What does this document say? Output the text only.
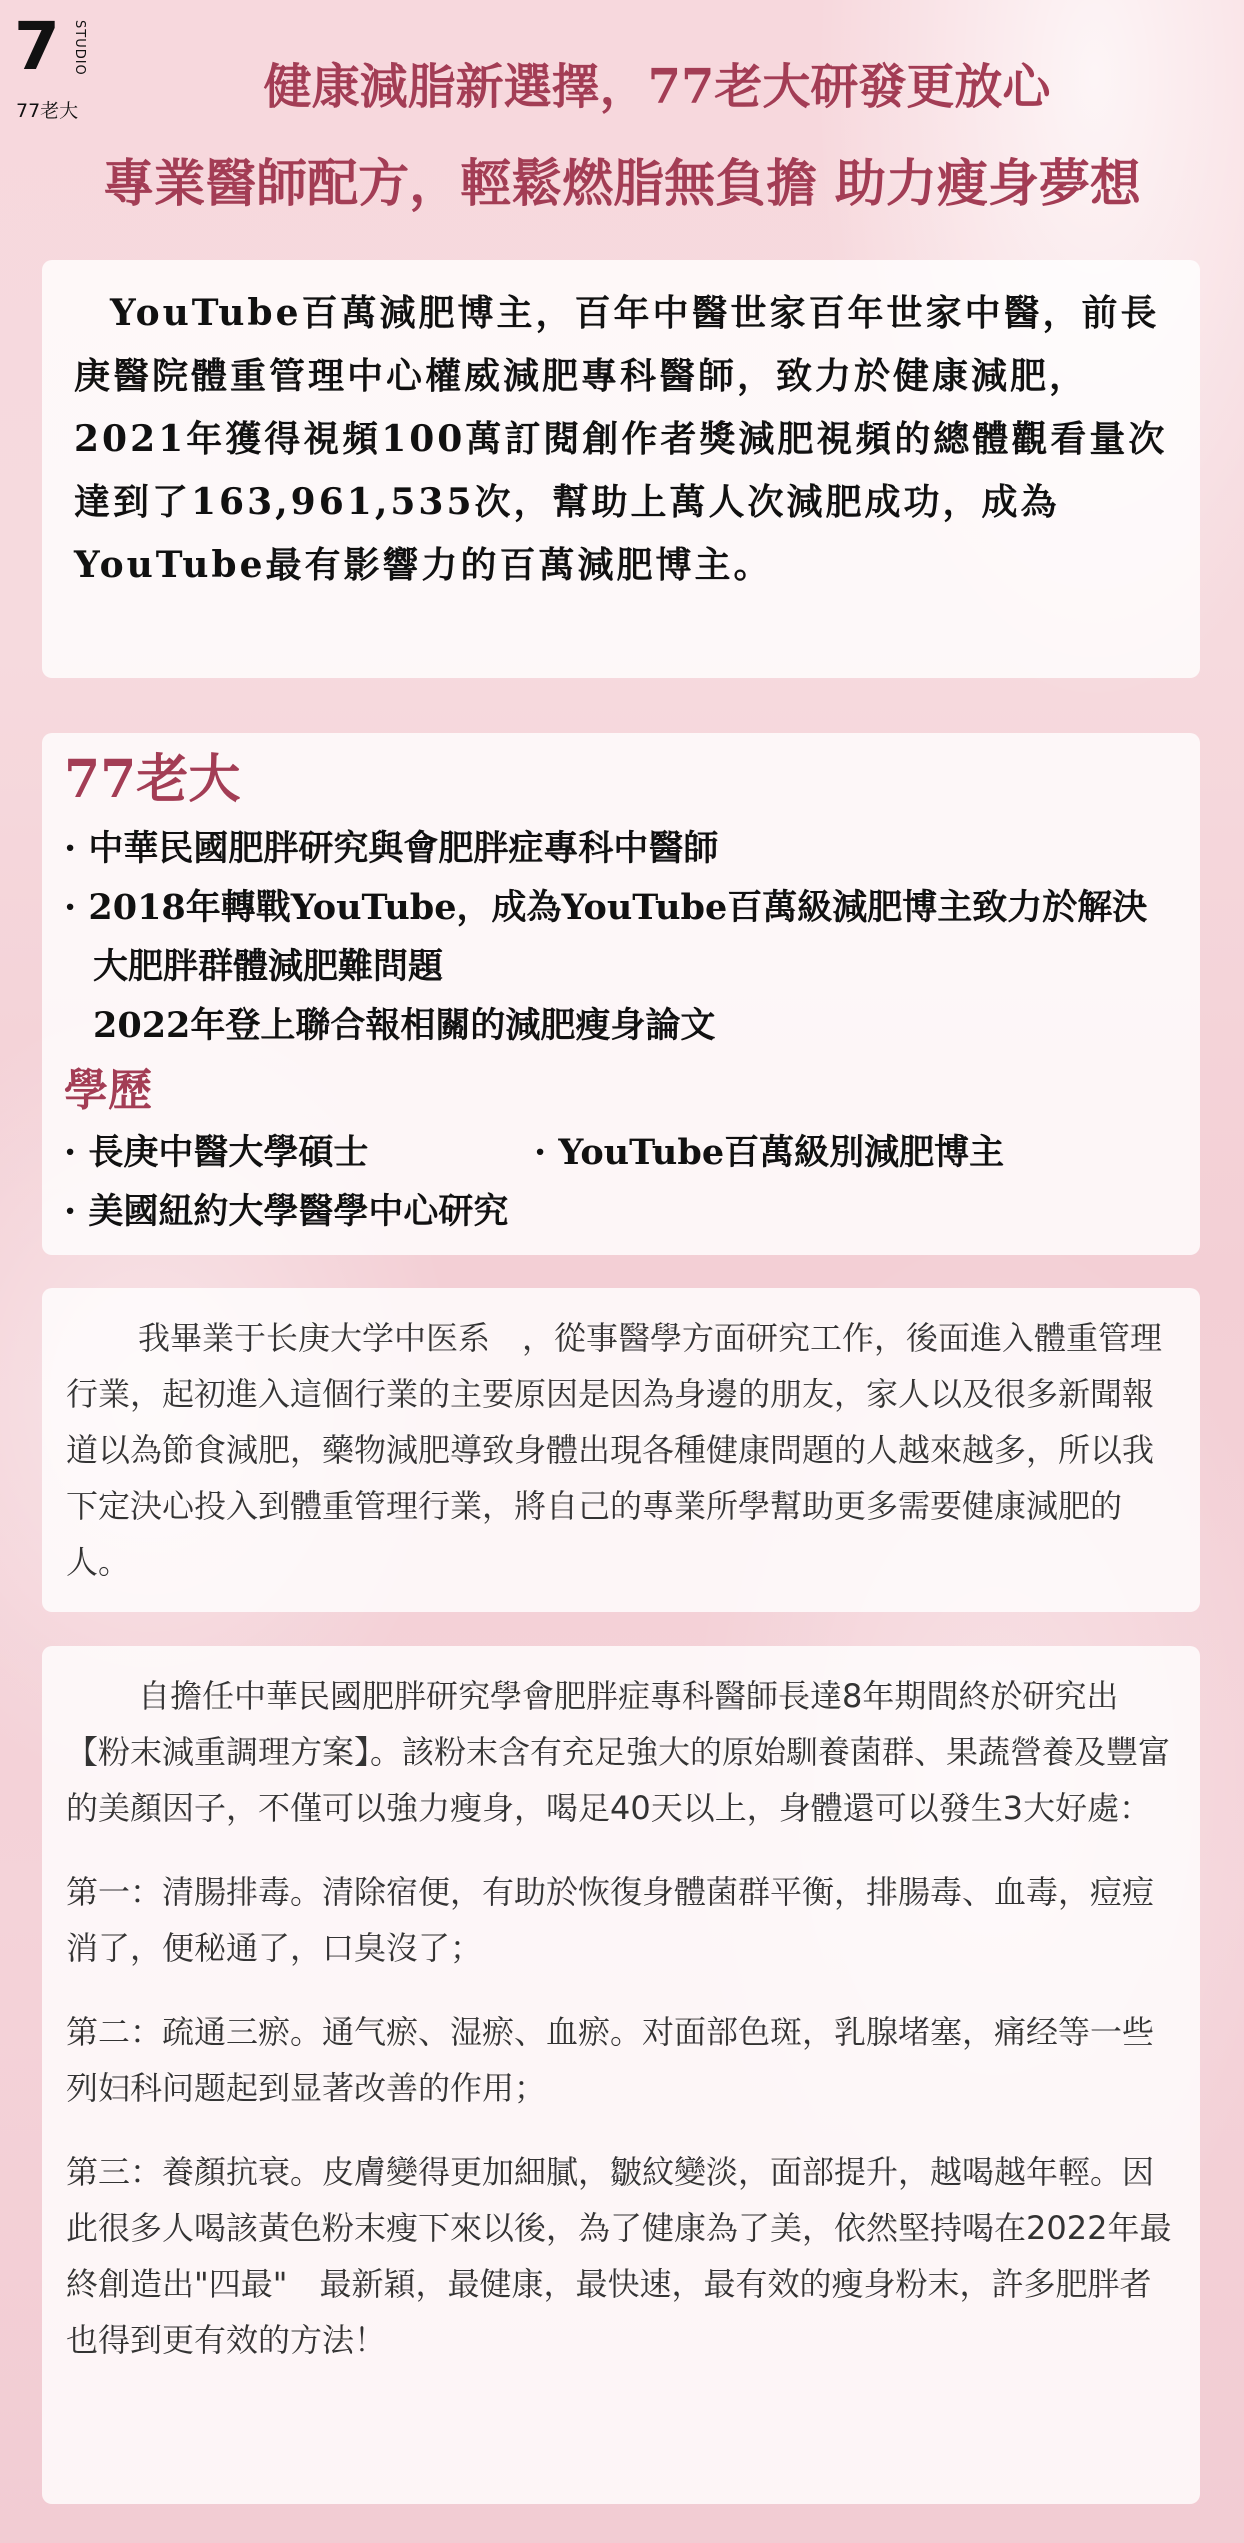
7 STUDIO
77老大	健康減脂新選擇，77老大研發更放心
專業醫師配方，輕鬆燃脂無負擔 助力瘦身夢想

YouTube百萬減肥博主，百年中醫世家百年世家中醫，前長庚醫院體重管理中心權威減肥專科醫師，致力於健康減肥，2021年獲得視頻100萬訂閱創作者獎減肥視頻的總體觀看量次達到了163,961,535次，幫助上萬人次減肥成功，成為YouTube最有影響力的百萬減肥博主。

77老大

· 中華民國肥胖研究與會肥胖症專科中醫師

· 2018年轉戰YouTube，成為YouTube百萬級減肥博主致力於解決

大肥胖群體減肥難問題

2022年登上聯合報相關的減肥瘦身論文

學歷

· 長庚中醫大學碩士	· YouTube百萬級別減肥博主

· 美國紐約大學醫學中心研究

我畢業于长庚大学中医系　，從事醫學方面研究工作，後面進入體重管理行業，起初進入這個行業的主要原因是因為身邊的朋友，家人以及很多新聞報道以為節食減肥，藥物減肥導致身體出現各種健康問題的人越來越多，所以我下定決心投入到體重管理行業，將自己的專業所學幫助更多需要健康減肥的人。

自擔任中華民國肥胖研究學會肥胖症專科醫師長達8年期間終於研究出【粉末減重調理方案】。該粉末含有充足強大的原始馴養菌群、果蔬營養及豐富的美顏因子，不僅可以強力瘦身，喝足40天以上，身體還可以發生3大好處：

第一：清腸排毒。清除宿便，有助於恢復身體菌群平衡，排腸毒、血毒，痘痘消了，便秘通了，口臭沒了；

第二：疏通三瘀。通气瘀、湿瘀、血瘀。对面部色斑，乳腺堵塞，痛经等一些列妇科问题起到显著改善的作用；

第三：養顏抗衰。皮膚變得更加細膩，皺紋變淡，面部提升，越喝越年輕。因此很多人喝該黃色粉末瘦下來以後，為了健康為了美，依然堅持喝在2022年最終創造出"四最"　最新穎，最健康，最快速，最有效的瘦身粉末，許多肥胖者也得到更有效的方法！
